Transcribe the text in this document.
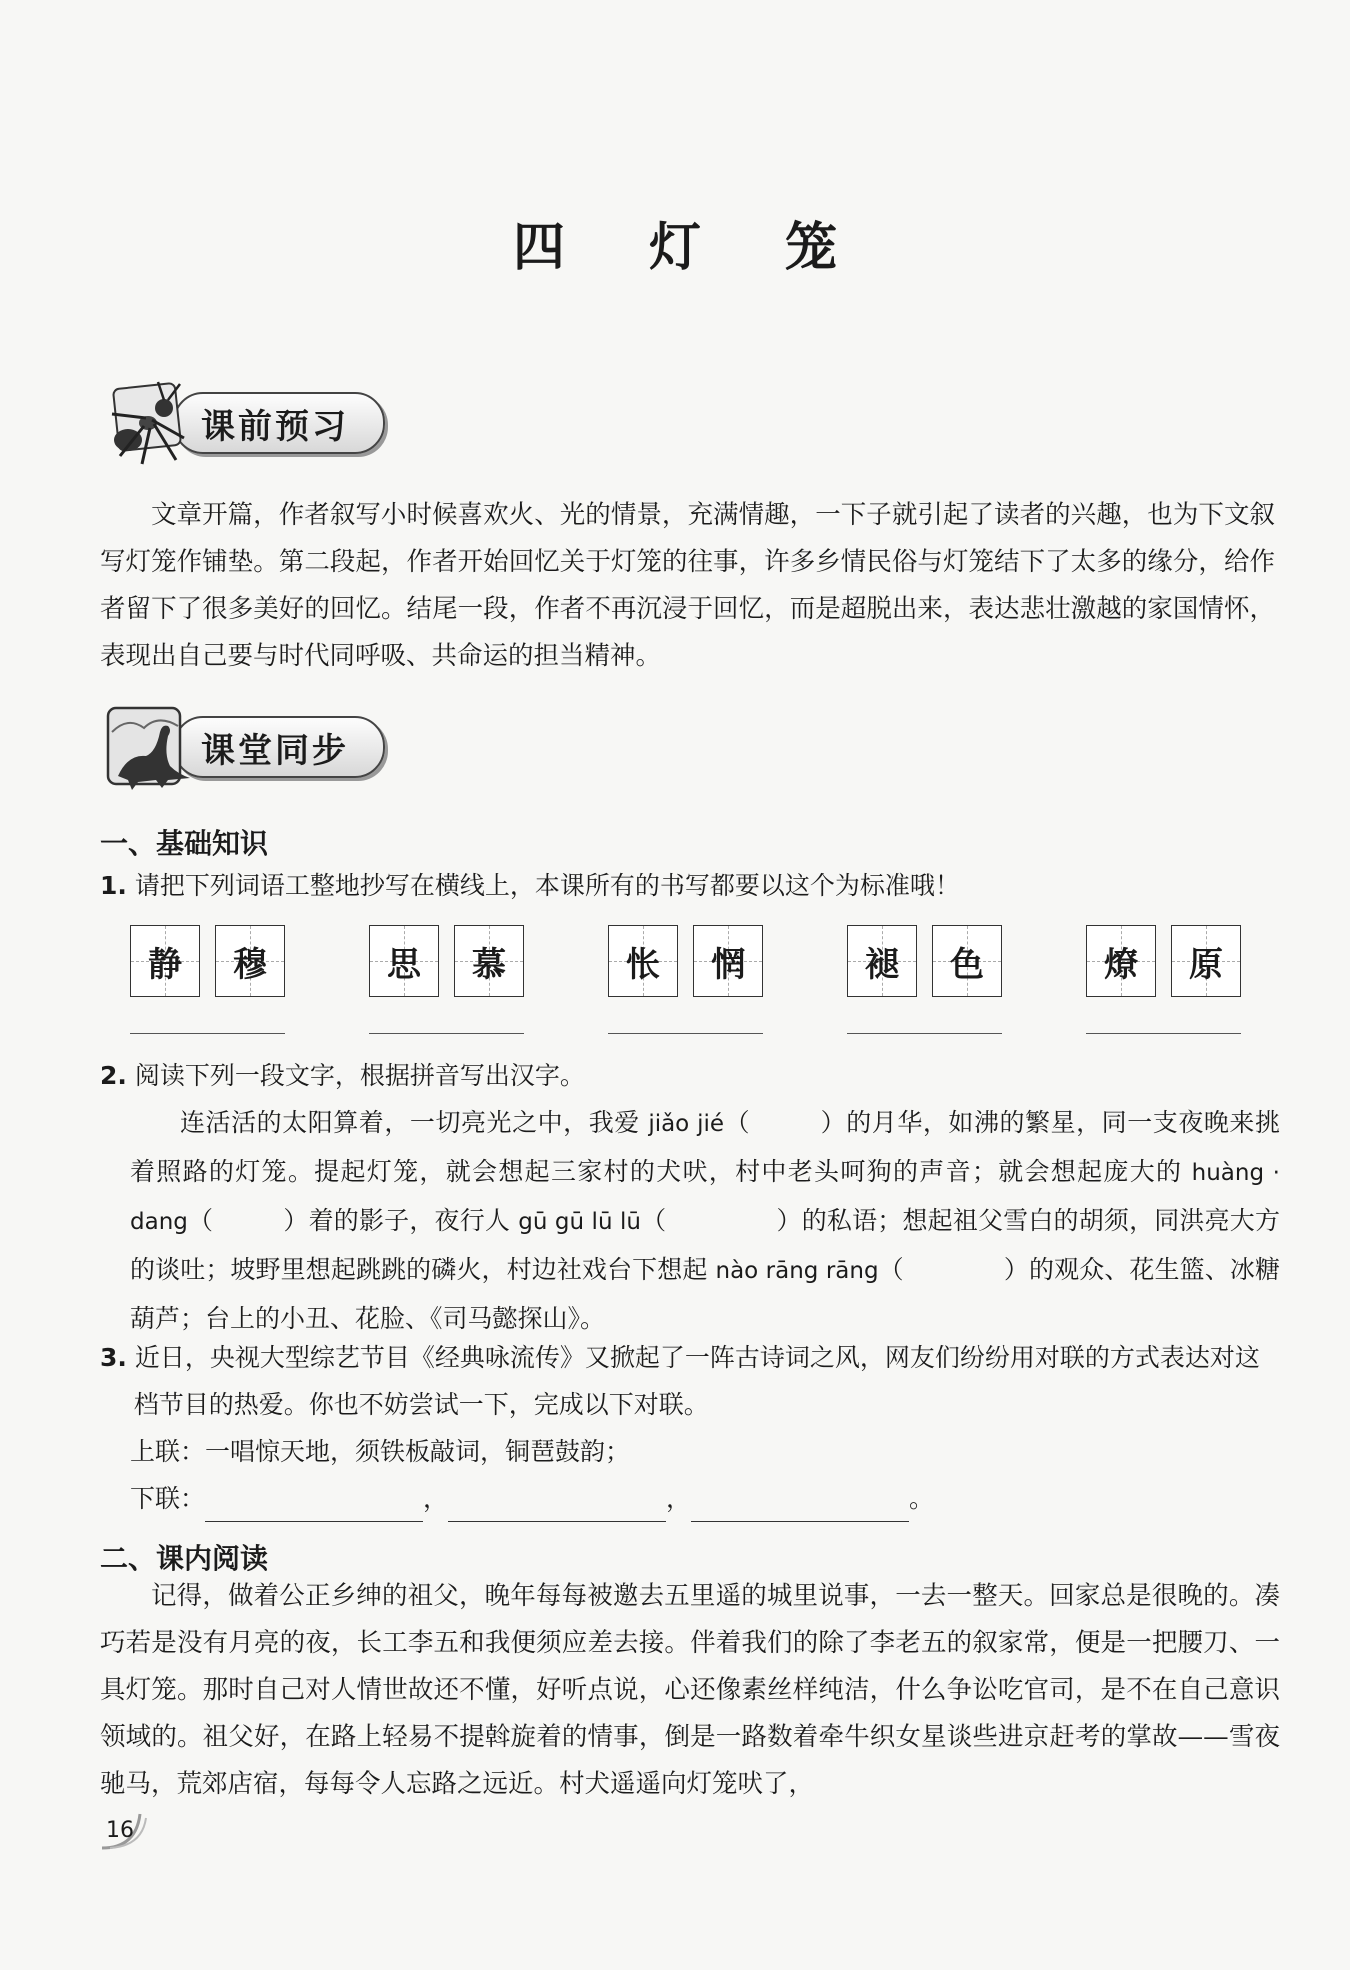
四 灯 笼
课前预习

文章开篇，作者叙写小时候喜欢火、光的情景，充满情趣，一下子就引起了读者的兴趣，也为下文叙写灯笼作铺垫。第二段起，作者开始回忆关于灯笼的往事，许多乡情民俗与灯笼结下了太多的缘分，给作者留下了很多美好的回忆。结尾一段，作者不再沉浸于回忆，而是超脱出来，表达悲壮激越的家国情怀，表现出自己要与时代同呼吸、共命运的担当精神。

课堂同步
一、基础知识
1. 请把下列词语工整地抄写在横线上，本课所有的书写都要以这个为标准哦！
静	穆	思	慕	怅	惘	褪	色	燎	原
2. 阅读下列一段文字，根据拼音写出汉字。

连活活的太阳算着，一切亮光之中，我爱 jiǎo jié（	）的月华，如沸的繁星，同一支夜晚来挑着照路的灯笼。提起灯笼，就会想起三家村的犬吠，村中老头呵狗的声音；就会想起庞大的 huàng · dang（	）着的影子，夜行人 gū gū lū lū（	）的私语；想起祖父雪白的胡须，同洪亮大方的谈吐；坡野里想起跳跳的磷火，村边社戏台下想起 nào rāng rāng（	）的观众、花生篮、冰糖葫芦；台上的小丑、花脸、《司马懿探山》。

3. 近日，央视大型综艺节目《经典咏流传》又掀起了一阵古诗词之风，网友们纷纷用对联的方式表达对这档节目的热爱。你也不妨尝试一下，完成以下对联。
上联：一唱惊天地，须铁板敲词，铜琶鼓韵；
下联：	，	，	。
二、课内阅读

记得，做着公正乡绅的祖父，晚年每每被邀去五里遥的城里说事，一去一整天。回家总是很晚的。凑巧若是没有月亮的夜，长工李五和我便须应差去接。伴着我们的除了李老五的叙家常，便是一把腰刀、一具灯笼。那时自己对人情世故还不懂，好听点说，心还像素丝样纯洁，什么争讼吃官司，是不在自己意识领域的。祖父好，在路上轻易不提斡旋着的情事，倒是一路数着牵牛织女星谈些进京赶考的掌故——雪夜驰马，荒郊店宿，每每令人忘路之远近。村犬遥遥向灯笼吠了，

16
